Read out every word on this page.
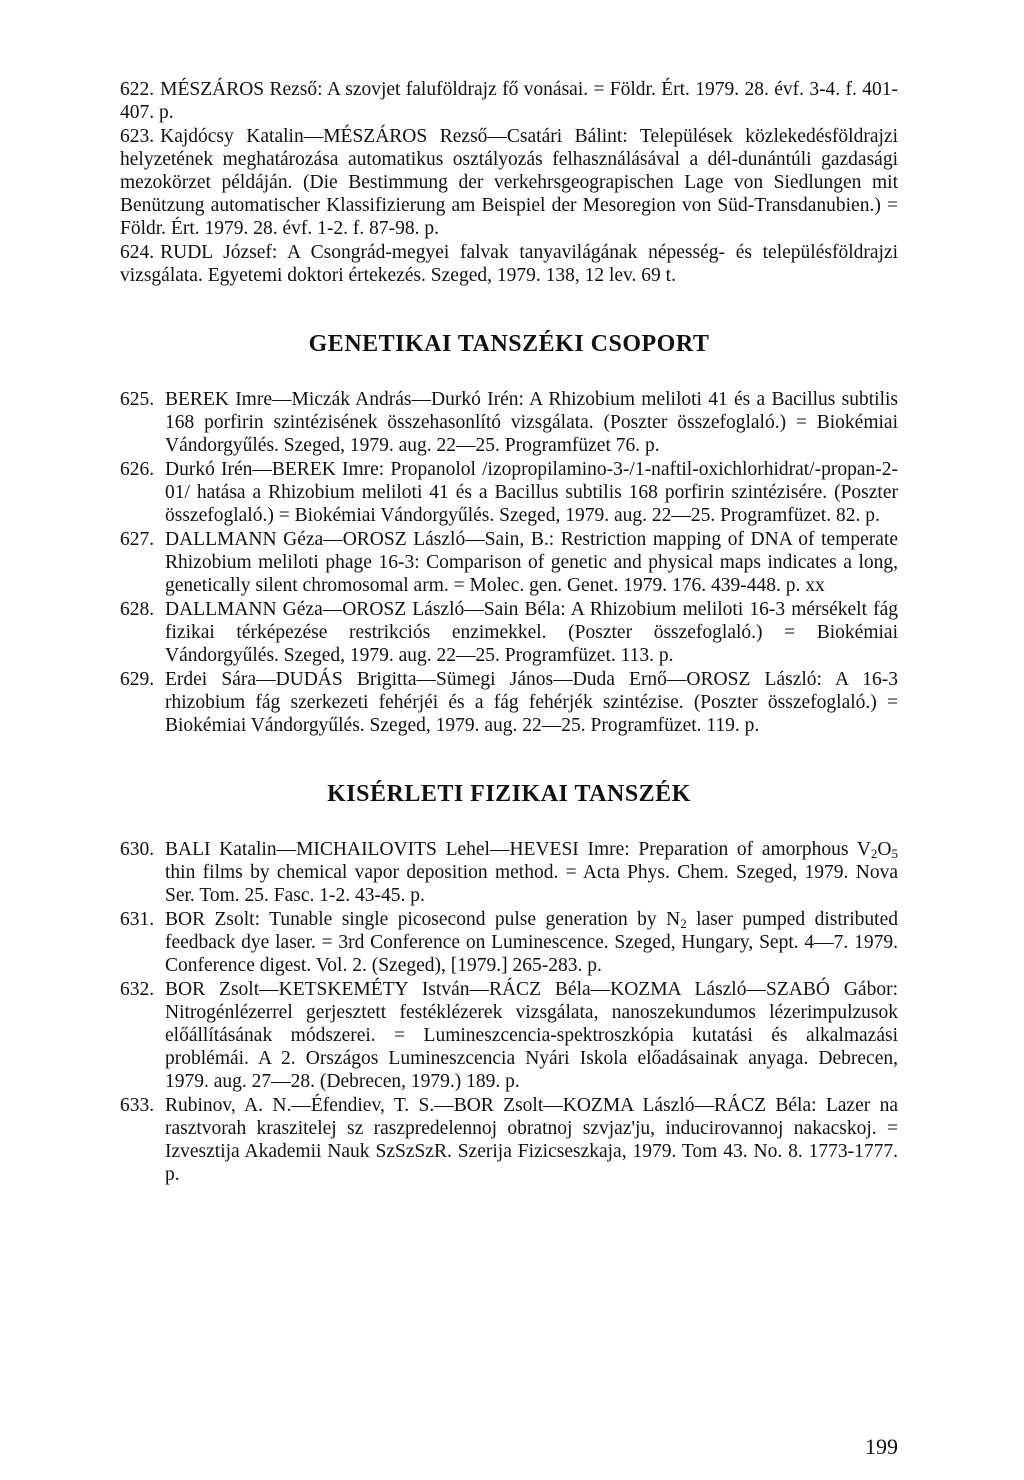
622. MÉSZÁROS Rezső: A szovjet faluföldrajz fő vonásai. = Földr. Ért. 1979. 28. évf. 3-4. f. 401-407. p.

623. Kajdócsy Katalin—MÉSZÁROS Rezső—Csatári Bálint: Települések közlekedésföldrajzi helyzetének meghatározása automatikus osztályozás felhasználásával a dél-dunántúli gazdasági mezokörzet példáján. (Die Bestimmung der verkehrsgeograpischen Lage von Siedlungen mit Benützung automatischer Klassifizierung am Beispiel der Mesoregion von Süd-Transdanubien.) = Földr. Ért. 1979. 28. évf. 1-2. f. 87-98. p.

624. RUDL József: A Csongrád-megyei falvak tanyavilágának népesség- és településföldrajzi vizsgálata. Egyetemi doktori értekezés. Szeged, 1979. 138, 12 lev. 69 t.

GENETIKAI TANSZÉKI CSOPORT

625. BEREK Imre—Miczák András—Durkó Irén: A Rhizobium meliloti 41 és a Bacillus subtilis 168 porfirin szintézisének összehasonlító vizsgálata. (Poszter összefoglaló.) = Biokémiai Vándorgyűlés. Szeged, 1979. aug. 22—25. Programfüzet 76. p.

626. Durkó Irén—BEREK Imre: Propanolol /izopropilamino-3-/1-naftil-oxichlorhidrat/-propan-2-01/ hatása a Rhizobium meliloti 41 és a Bacillus subtilis 168 porfirin szintézisére. (Poszter összefoglaló.) = Biokémiai Vándorgyűlés. Szeged, 1979. aug. 22—25. Programfüzet. 82. p.

627. DALLMANN Géza—OROSZ László—Sain, B.: Restriction mapping of DNA of temperate Rhizobium meliloti phage 16-3: Comparison of genetic and physical maps indicates a long, genetically silent chromosomal arm. = Molec. gen. Genet. 1979. 176. 439-448. p. xx

628. DALLMANN Géza—OROSZ László—Sain Béla: A Rhizobium meliloti 16-3 mérsékelt fág fizikai térképezése restrikciós enzimekkel. (Poszter összefoglaló.) = Biokémiai Vándorgyűlés. Szeged, 1979. aug. 22—25. Programfüzet. 113. p.

629. Erdei Sára—DUDÁS Brigitta—Sümegi János—Duda Ernő—OROSZ László: A 16-3 rhizobium fág szerkezeti fehérjéi és a fág fehérjék szintézise. (Poszter összefoglaló.) = Biokémiai Vándorgyűlés. Szeged, 1979. aug. 22—25. Programfüzet. 119. p.

KISÉRLETI FIZIKAI TANSZÉK

630. BALI Katalin—MICHAILOVITS Lehel—HEVESI Imre: Preparation of amorphous $V_2O_5$ thin films by chemical vapor deposition method. = Acta Phys. Chem. Szeged, 1979. Nova Ser. Tom. 25. Fasc. 1-2. 43-45. p.

631. BOR Zsolt: Tunable single picosecond pulse generation by $N_2$ laser pumped distributed feedback dye laser. = 3rd Conference on Luminescence. Szeged, Hungary, Sept. 4—7. 1979. Conference digest. Vol. 2. (Szeged), [1979.] 265-283. p.

632. BOR Zsolt—KETSKEMÉTY István—RÁCZ Béla—KOZMA László—SZABÓ Gábor: Nitrogénlézerrel gerjesztett festéklézerek vizsgálata, nanoszekundumos lézerimpulzusok előállításának módszerei. = Lumineszcencia-spektroszkópia kutatási és alkalmazási problémái. A 2. Országos Lumineszcencia Nyári Iskola előadásainak anyaga. Debrecen, 1979. aug. 27—28. (Debrecen, 1979.) 189. p.

633. Rubinov, A. N.—Éfendiev, T. S.—BOR Zsolt—KOZMA László—RÁCZ Béla: Lazer na rasztvorah kraszitelej sz raszpredelennoj obratnoj szvjaz'ju, inducirovannoj nakacskoj. = Izvesztija Akademii Nauk SzSzSzR. Szerija Fizicseszkaja, 1979. Tom 43. No. 8. 1773-1777. p.

199
